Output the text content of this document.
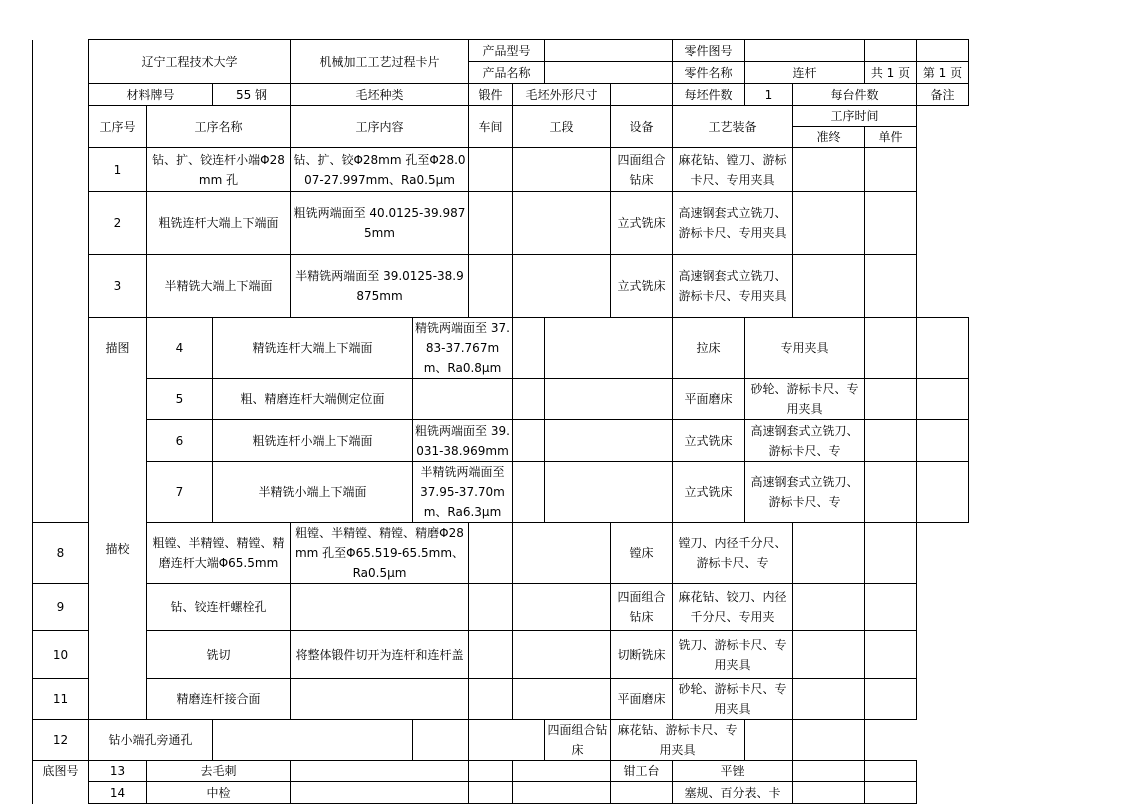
	辽宁工程技术大学			机械加工工艺过程卡片		产品型号				零件图号				
						产品名称				零件名称	连杆		共 1 页	第 1 页
	材料牌号		55 钢	毛坯种类		锻件	毛坯外形尺寸			每坯件数	1	每台件数		备注
	工序号	工序名称		工序内容		车间	工段		设备	工艺装备		工序时间		
												准终	单件	
	1	钻、扩、铰连杆小端Φ28mm 孔		钻、扩、铰Φ28mm 孔至Φ28.007-27.997mm、Ra0.5μm					四面组合钻床	麻花钻、镗刀、游标卡尺、专用夹具				
	2	粗铣连杆大端上下端面		粗铣两端面至 40.0125-39.9875mm					立式铣床	高速钢套式立铣刀、游标卡尺、专用夹具				
	3	半精铣大端上下端面		半精铣两端面至 39.0125-38.9875mm					立式铣床	高速钢套式立铣刀、游标卡尺、专用夹具				
	描图	4	精铣连杆大端上下端面		精铣两端面至 37.83-37.767mm、Ra0.8μm					拉床	专用夹具			
	描校	5	粗、精磨连杆大端侧定位面							平面磨床	砂轮、游标卡尺、专用夹具			
		6	粗铣连杆小端上下端面		粗铣两端面至 39.031-38.969mm					立式铣床	高速钢套式立铣刀、游标卡尺、专			
		7	半精铣小端上下端面		半精铣两端面至 37.95-37.70mm、Ra6.3μm					立式铣床	高速钢套式立铣刀、游标卡尺、专			
8		粗镗、半精镗、精镗、精磨连杆大端Φ65.5mm		粗镗、半精镗、精镗、精磨Φ28mm 孔至Φ65.519-65.5mm、Ra0.5μm					镗床	镗刀、内径千分尺、游标卡尺、专				
9		钻、铰连杆螺栓孔							四面组合钻床	麻花钻、铰刀、内径千分尺、专用夹				
10		铣切		将整体锻件切开为连杆和连杆盖					切断铣床	铣刀、游标卡尺、专用夹具				
11		精磨连杆接合面							平面磨床	砂轮、游标卡尺、专用夹具				
12	钻小端孔旁通孔							四面组合钻床	麻花钻、游标卡尺、专用夹具					
底图号	13	去毛刺							钳工台	平锉				
	14	中检								塞规、百分表、卡				
